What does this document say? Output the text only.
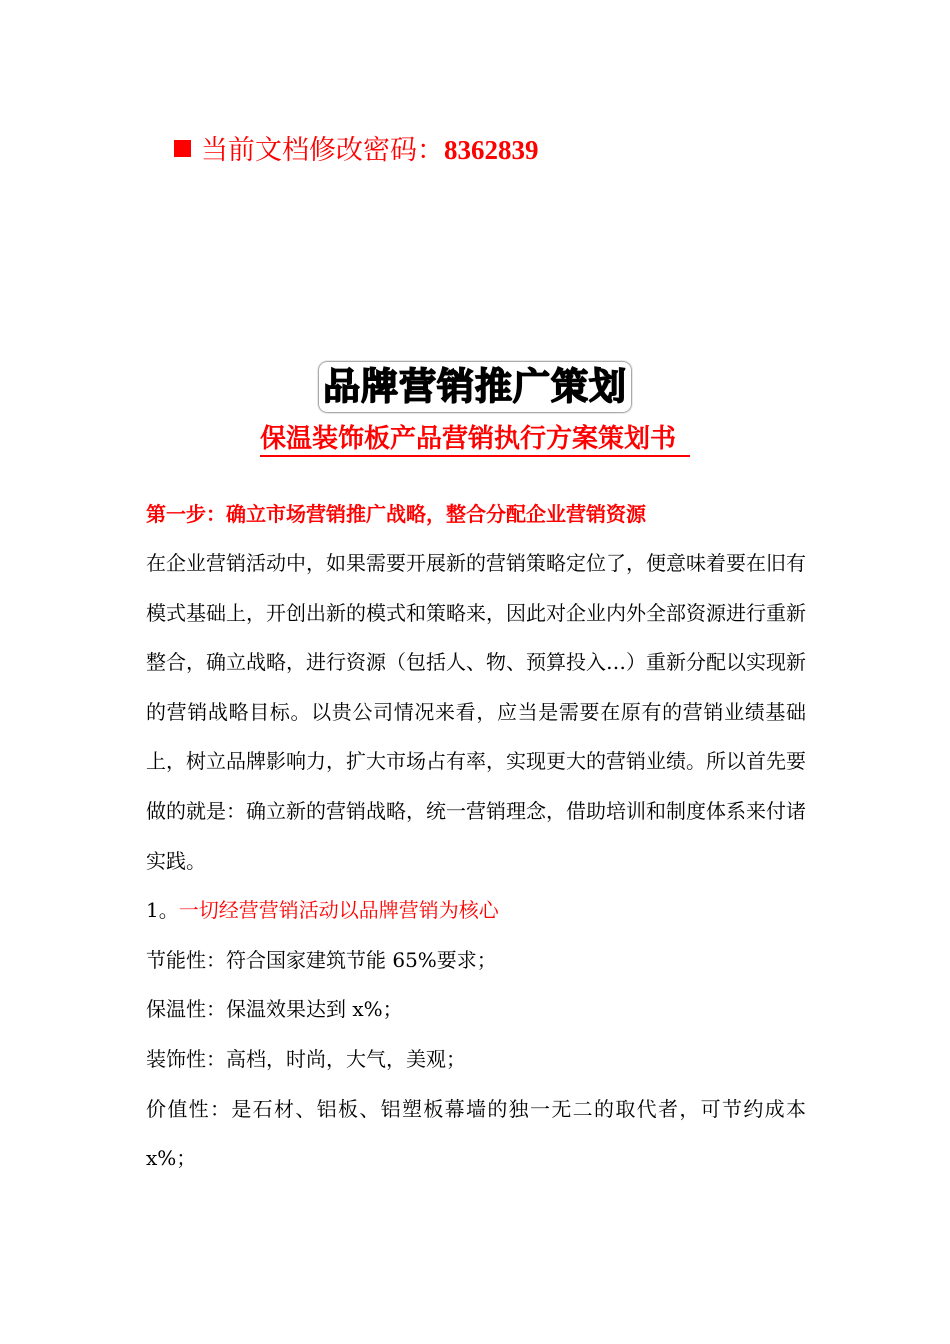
当前文档修改密码：8362839
品牌营销推广策划
保温装饰板产品营销执行方案策划书
第一步：确立市场营销推广战略，整合分配企业营销资源

在企业营销活动中，如果需要开展新的营销策略定位了，便意味着要在旧有模式基础上，开创出新的模式和策略来，因此对企业内外全部资源进行重新整合，确立战略，进行资源（包括人、物、预算投入…）重新分配以实现新的营销战略目标。以贵公司情况来看，应当是需要在原有的营销业绩基础上，树立品牌影响力，扩大市场占有率，实现更大的营销业绩。所以首先要做的就是：确立新的营销战略，统一营销理念，借助培训和制度体系来付诸实践。

1。一切经营营销活动以品牌营销为核心
节能性：符合国家建筑节能 65%要求；
保温性：保温效果达到 x%；
装饰性：高档，时尚，大气，美观；

价值性：是石材、铝板、铝塑板幕墙的独一无二的取代者，可节约成本 x%；
